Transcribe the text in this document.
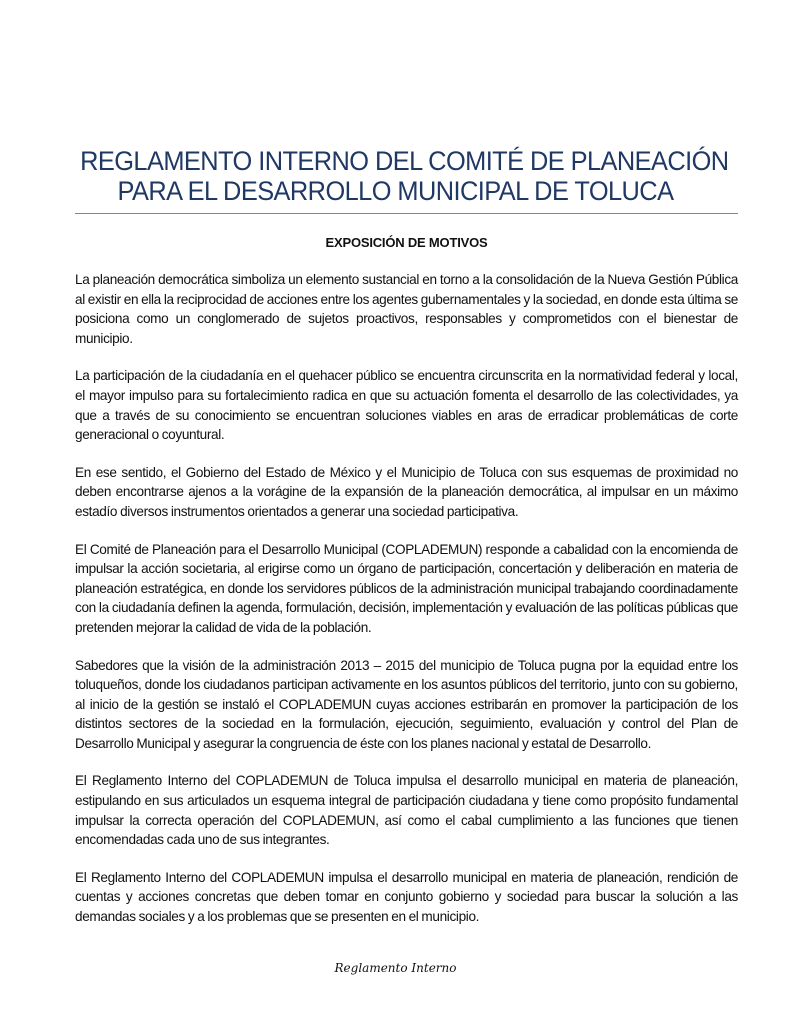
REGLAMENTO INTERNO DEL COMITÉ DE PLANEACIÓN
PARA EL DESARROLLO MUNICIPAL DE TOLUCA
EXPOSICIÓN DE MOTIVOS

La planeación democrática simboliza un elemento sustancial en torno a la consolidación de la Nueva Gestión Pública al existir en ella la reciprocidad de acciones entre los agentes gubernamentales y la sociedad, en donde esta última se posiciona como un conglomerado de sujetos proactivos, responsables y comprometidos con el bienestar de municipio.

La participación de la ciudadanía en el quehacer público se encuentra circunscrita en la normatividad federal y local, el mayor impulso para su fortalecimiento radica en que su actuación fomenta el desarrollo de las colectividades, ya que a través de su conocimiento se encuentran soluciones viables en aras de erradicar problemáticas de corte generacional o coyuntural.

En ese sentido, el Gobierno del Estado de México y el Municipio de Toluca con sus esquemas de proximidad no deben encontrarse ajenos a la vorágine de la expansión de la planeación democrática, al impulsar en un máximo estadío diversos instrumentos orientados a generar una sociedad participativa.

El Comité de Planeación para el Desarrollo Municipal (COPLADEMUN) responde a cabalidad con la encomienda de impulsar la acción societaria, al erigirse como un órgano de participación, concertación y deliberación en materia de planeación estratégica, en donde los servidores públicos de la administración municipal trabajando coordinadamente con la ciudadanía definen la agenda, formulación, decisión, implementación y evaluación de las políticas públicas que pretenden mejorar la calidad de vida de la población.

Sabedores que la visión de la administración 2013 – 2015 del municipio de Toluca pugna por la equidad entre los toluqueños, donde los ciudadanos participan activamente en los asuntos públicos del territorio, junto con su gobierno, al inicio de la gestión se instaló el COPLADEMUN cuyas acciones estribarán en promover la participación de los distintos sectores de la sociedad en la formulación, ejecución, seguimiento, evaluación y control del Plan de Desarrollo Municipal y asegurar la congruencia de éste con los planes nacional y estatal de Desarrollo.

El Reglamento Interno del COPLADEMUN de Toluca impulsa el desarrollo municipal en materia de planeación, estipulando en sus articulados un esquema integral de participación ciudadana y tiene como propósito fundamental impulsar la correcta operación del COPLADEMUN, así como el cabal cumplimiento a las funciones que tienen encomendadas cada uno de sus integrantes.

El Reglamento Interno del COPLADEMUN impulsa el desarrollo municipal en materia de planeación, rendición de cuentas y acciones concretas que deben tomar en conjunto gobierno y sociedad para buscar la solución a las demandas sociales y a los problemas que se presenten en el municipio.

Reglamento Interno
